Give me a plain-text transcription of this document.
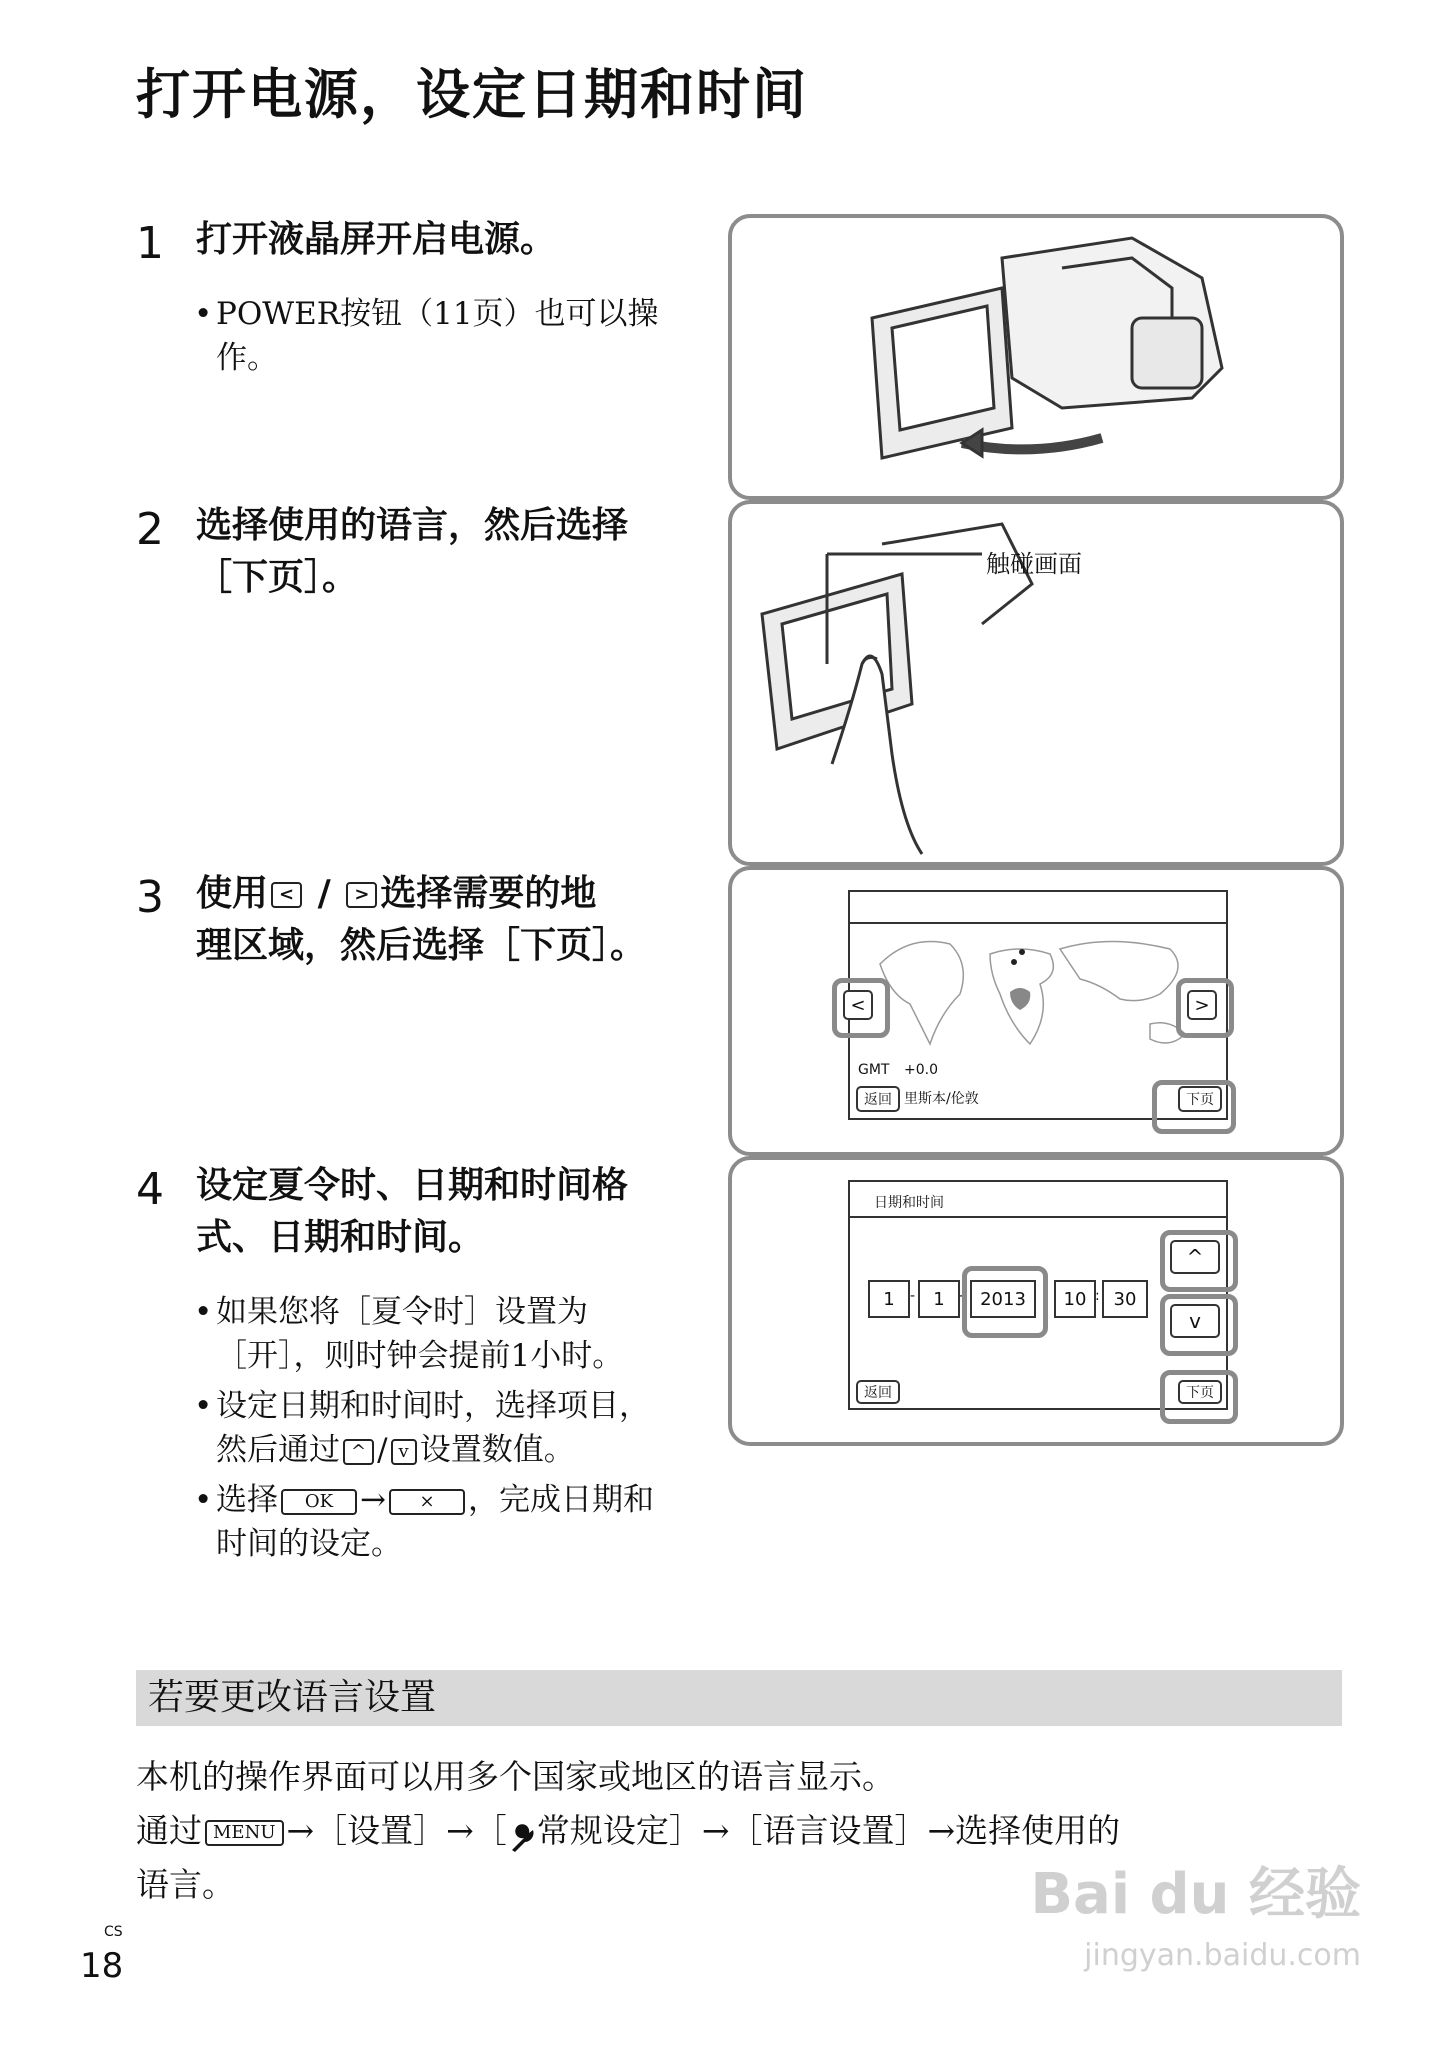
打开电源，设定日期和时间
1 打开液晶屏开启电源。
• POWER按钮（11页）也可以操作。
2 选择使用的语言，然后选择
［下页］。
3 使用 < / > 选择需要的地
理区域，然后选择［下页］。
4 设定夏令时、日期和时间格
式、日期和时间。
• 如果您将［夏令时］设置为
［开］，则时钟会提前1小时。
• 设定日期和时间时，选择项目，
然后通过 ^ / v 设置数值。
• 选择 OK → × ，完成日期和
时间的设定。
触碰画面
GMT +0.0
返回 里斯本/伦敦	下页
<	>
日期和时间
1	-	1	- 2013	10 : 30
返回	下页
^
v
若要更改语言设置
本机的操作界面可以用多个国家或地区的语言显示。
通过 MENU →［设置］→［ 常规设定］→［语言设置］→选择使用的
语言。
CS
18
Bai du 经验
jingyan.baidu.com
